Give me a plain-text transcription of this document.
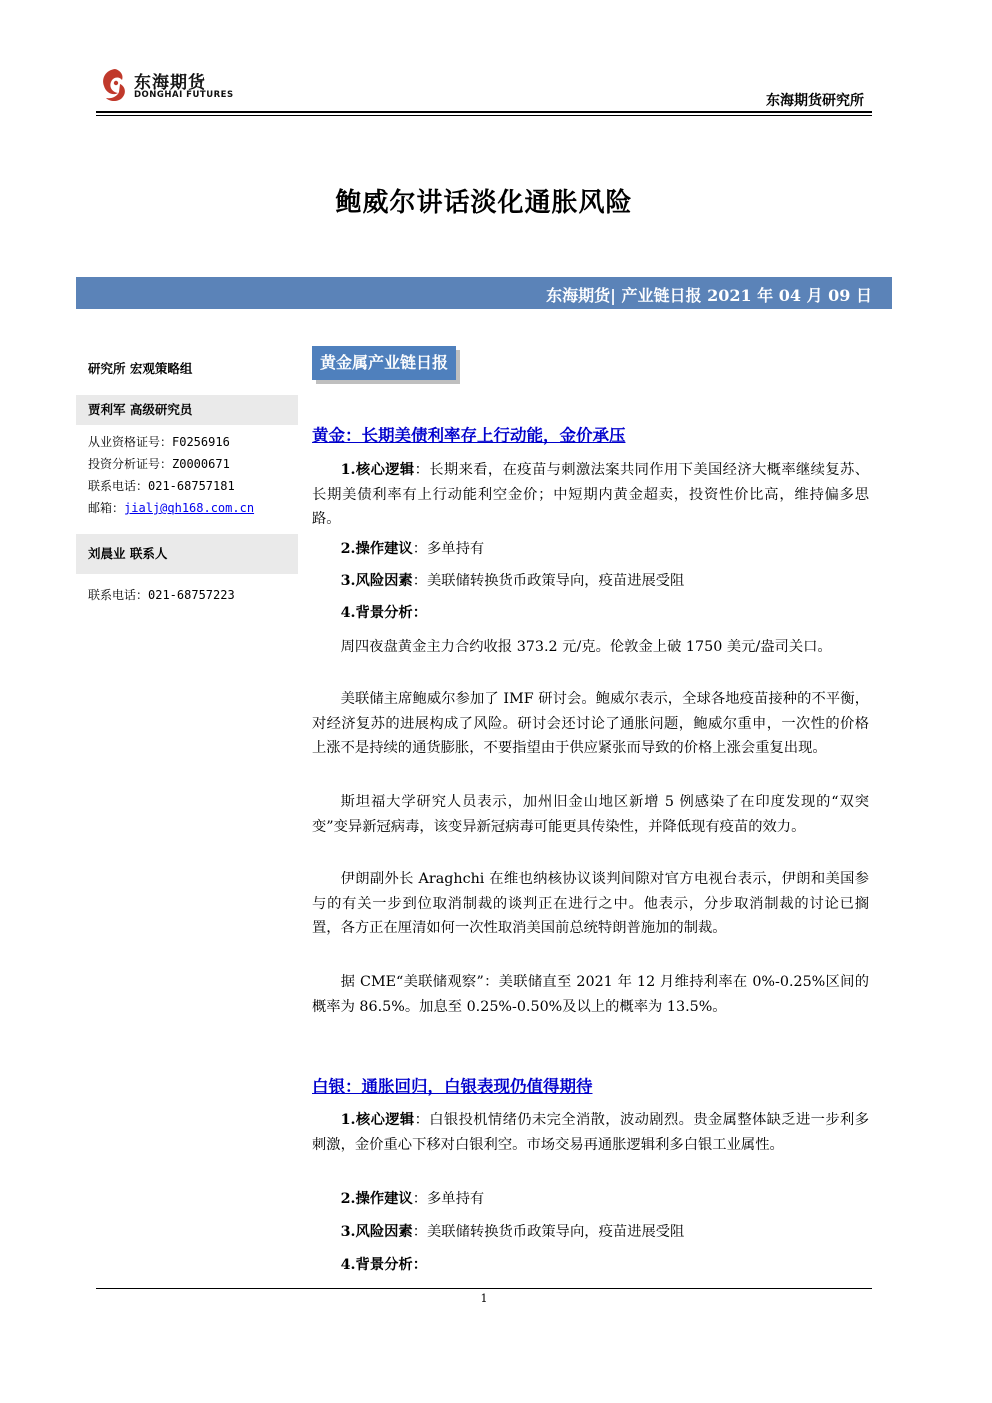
东海期货
DONGHAI FUTURES	东海期货研究所
鲍威尔讲话淡化通胀风险
东海期货| 产业链日报 2021 年 04 月 09 日
研究所 宏观策略组
贾利军 高级研究员
从业资格证号：F0256916
投资分析证号：Z0000671
联系电话：021-68757181
邮箱：jialj@qh168.com.cn
刘晨业 联系人
联系电话：021-68757223
黄金属产业链日报
黄金：长期美债利率存上行动能，金价承压
1.核心逻辑：长期来看，在疫苗与刺激法案共同作用下美国经济大概率继续复苏、长期美债利率有上行动能利空金价；中短期内黄金超卖，投资性价比高，维持偏多思路。
2.操作建议：多单持有
3.风险因素：美联储转换货币政策导向，疫苗进展受阻
4.背景分析：
周四夜盘黄金主力合约收报 373.2 元/克。伦敦金上破 1750 美元/盎司关口。
美联储主席鲍威尔参加了 IMF 研讨会。鲍威尔表示，全球各地疫苗接种的不平衡，对经济复苏的进展构成了风险。研讨会还讨论了通胀问题，鲍威尔重申，一次性的价格上涨不是持续的通货膨胀，不要指望由于供应紧张而导致的价格上涨会重复出现。
斯坦福大学研究人员表示，加州旧金山地区新增 5 例感染了在印度发现的“双突变”变异新冠病毒，该变异新冠病毒可能更具传染性，并降低现有疫苗的效力。
伊朗副外长 Araghchi 在维也纳核协议谈判间隙对官方电视台表示，伊朗和美国参与的有关一步到位取消制裁的谈判正在进行之中。他表示，分步取消制裁的讨论已搁置，各方正在厘清如何一次性取消美国前总统特朗普施加的制裁。
据 CME“美联储观察”：美联储直至 2021 年 12 月维持利率在 0%-0.25%区间的概率为 86.5%。加息至 0.25%-0.50%及以上的概率为 13.5%。
白银：通胀回归，白银表现仍值得期待
1.核心逻辑：白银投机情绪仍未完全消散，波动剧烈。贵金属整体缺乏进一步利多刺激，金价重心下移对白银利空。市场交易再通胀逻辑利多白银工业属性。
2.操作建议：多单持有
3.风险因素：美联储转换货币政策导向，疫苗进展受阻
4.背景分析：
1
